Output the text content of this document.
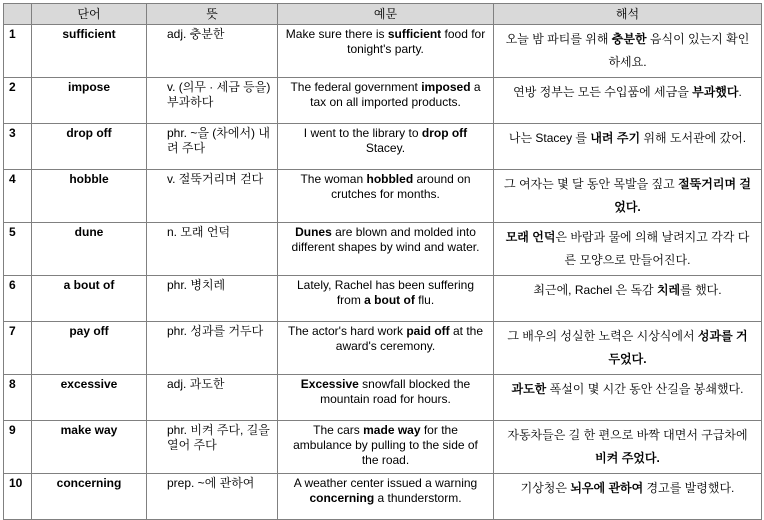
	단어	뜻	예문	해석
1	sufficient	adj. 충분한	Make sure there is sufficient food for tonight's party.	오늘 밤 파티를 위해 충분한 음식이 있는지 확인하세요.
2	impose	v. (의무 · 세금 등을) 부과하다	The federal government imposed a tax on all imported products.	연방 정부는 모든 수입품에 세금을 부과했다.
3	drop off	phr. ~을 (차에서) 내려 주다	I went to the library to drop off Stacey.	나는 Stacey 를 내려 주기 위해 도서관에 갔어.
4	hobble	v. 절뚝거리며 걷다	The woman hobbled around on crutches for months.	그 여자는 몇 달 동안 목발을 짚고 절뚝거리며 걸었다.
5	dune	n. 모래 언덕	Dunes are blown and molded into different shapes by wind and water.	모래 언덕은 바람과 물에 의해 날려지고 각각 다른 모양으로 만들어진다.
6	a bout of	phr. 병치레	Lately, Rachel has been suffering from a bout of flu.	최근에, Rachel 은 독감 치레를 했다.
7	pay off	phr. 성과를 거두다	The actor's hard work paid off at the award's ceremony.	그 배우의 성실한 노력은 시상식에서 성과를 거두었다.
8	excessive	adj. 과도한	Excessive snowfall blocked the mountain road for hours.	과도한 폭설이 몇 시간 동안 산길을 봉쇄했다.
9	make way	phr. 비켜 주다, 길을 열어 주다	The cars made way for the ambulance by pulling to the side of the road.	자동차들은 길 한 편으로 바짝 대면서 구급차에 비켜 주었다.
10	concerning	prep. ~에 관하여	A weather center issued a warning concerning a thunderstorm.	기상청은 뇌우에 관하여 경고를 발령했다.
